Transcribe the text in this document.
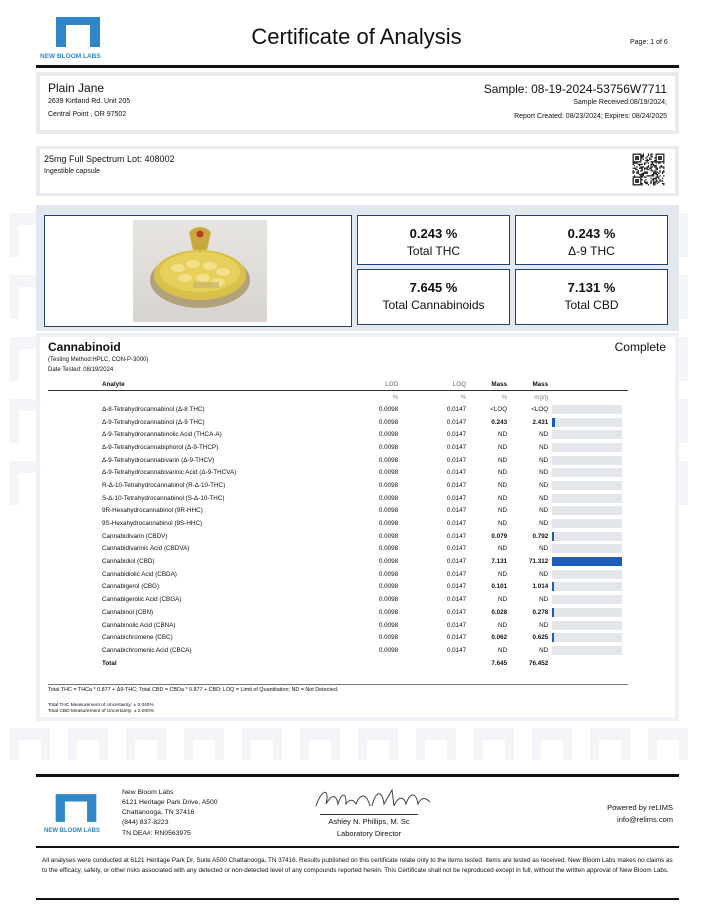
NEW BLOOM LABS
Certificate of Analysis	Page: 1 of 6
Plain Jane
2639 Kirtland Rd. Unit 205
Central Point , OR 97502
Sample: 08-19-2024-53756W7711
Sample Received:08/19/2024;
Report Created: 08/23/2024; Expires: 08/24/2025
25mg Full Spectrum Lot: 408002
Ingestible capsule
0.243 %
Total THC
0.243 %
Δ-9 THC
7.645 %
Total Cannabinoids
7.131 %
Total CBD
Cannabinoid	Complete
(Testing Method:HPLC, CON-P-3000)
Date Tested: 08/19/2024
Analyte	LOD	LOQ	Mass	Mass	
	%	%	%	mg/g	
Δ-8-Tetrahydrocannabinol (Δ-8 THC)	0.0098	0.0147	<LOQ	<LOQ	

Δ-9-Tetrahydrocannabinol (Δ-9 THC)	0.0098	0.0147	0.243	2.431	

Δ-9-Tetrahydrocannabinolic Acid (THCA-A)	0.0098	0.0147	ND	ND	

Δ-9-Tetrahydrocannabiphorol (Δ-9-THCP)	0.0098	0.0147	ND	ND	

Δ-9-Tetrahydrocannabivarin (Δ-9-THCV)	0.0098	0.0147	ND	ND	

Δ-9-Tetrahydrocannabivarinic Acid (Δ-9-THCVA)	0.0098	0.0147	ND	ND	

R-Δ-10-Tetrahydrocannabinol (R-Δ-10-THC)	0.0098	0.0147	ND	ND	

S-Δ-10-Tetrahydrocannabinol (S-Δ-10-THC)	0.0098	0.0147	ND	ND	

9R-Hexahydrocannabinol (9R-HHC)	0.0098	0.0147	ND	ND	

9S-Hexahydrocannabinol (9S-HHC)	0.0098	0.0147	ND	ND	

Cannabidivarin (CBDV)	0.0098	0.0147	0.079	0.792	

Cannabidivarinic Acid (CBDVA)	0.0098	0.0147	ND	ND	

Cannabidiol (CBD)	0.0098	0.0147	7.131	71.312	

Cannabidiolic Acid (CBDA)	0.0098	0.0147	ND	ND	

Cannabigerol (CBG)	0.0098	0.0147	0.101	1.014	

Cannabigerolic Acid (CBGA)	0.0098	0.0147	ND	ND	

Cannabinol (CBN)	0.0098	0.0147	0.028	0.278	

Cannabinolic Acid (CBNA)	0.0098	0.0147	ND	ND	

Cannabichromene (CBC)	0.0098	0.0147	0.062	0.625	

Cannabichromenic Acid (CBCA)	0.0098	0.0147	ND	ND	

Total			7.645	76.452	
Total THC = THCa * 0.877 + Δ9-THC; Total CBD = CBDa * 0.877 + CBD; LOQ = Limit of Quantitation; ND = Not Detected.
Total THC Measurement of Uncertainty: ± 0.040%
Total CBD Measurement of Uncertainty: ± 2.000%
NEW BLOOM LABS
New Bloom Labs
6121 Heritage Park Drive, A500
Chattanooga, TN 37416
(844) 837-8223
TN DEA#: RN0563975
Ashley N. Phillips, M. Sc
Laboratory Director
Powered by reLIMS
info@relims.com
All analyses were conducted at 6121 Heritage Park Dr, Suite A500 Chattanooga, TN 37416. Results published on this certificate relate only to the items tested. Items are tested as received. New Bloom Labs makes no claims as to the efficacy, safety, or other risks associated with any detected or non-detected level of any compounds reported herein. This Certificate shall not be reproduced except in full, without the written approval of New Bloom Labs.
